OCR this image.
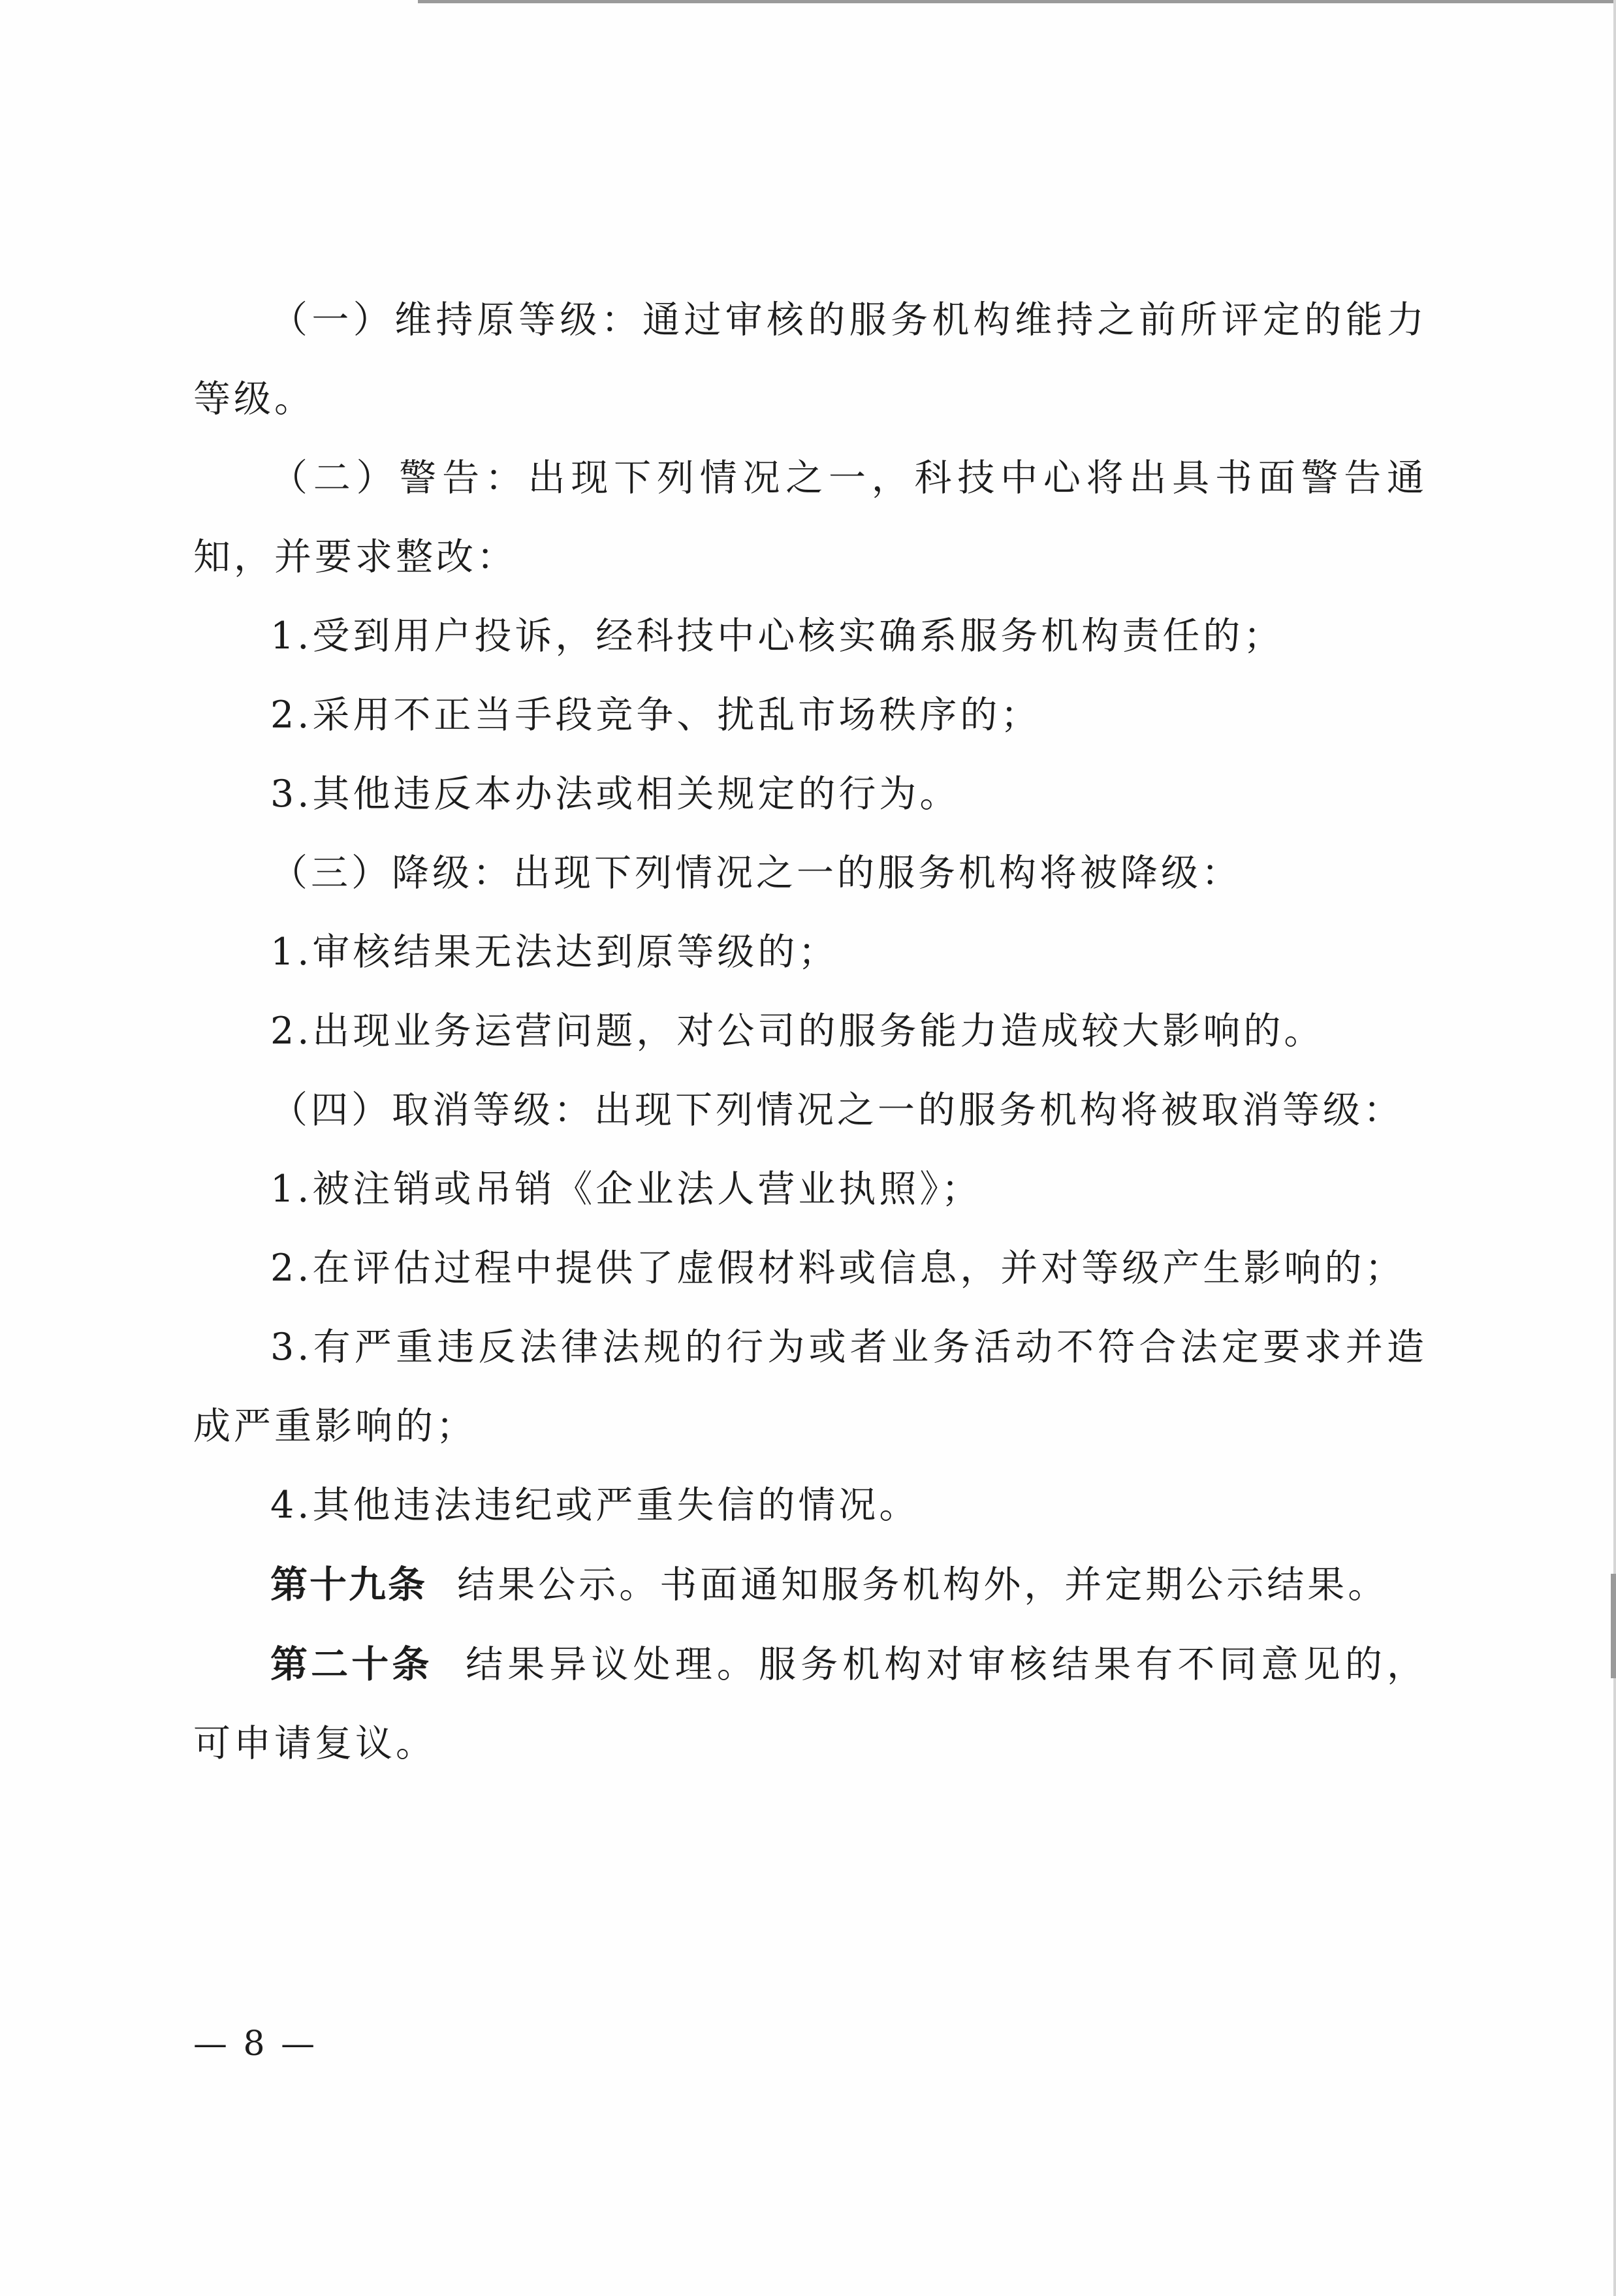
（一）维持原等级：通过审核的服务机构维持之前所评定的能力等级。

（二）警告：出现下列情况之一，科技中心将出具书面警告通知，并要求整改：

1.受到用户投诉，经科技中心核实确系服务机构责任的；

2.采用不正当手段竞争、扰乱市场秩序的；

3.其他违反本办法或相关规定的行为。

（三）降级：出现下列情况之一的服务机构将被降级：

1.审核结果无法达到原等级的；

2.出现业务运营问题，对公司的服务能力造成较大影响的。

（四）取消等级：出现下列情况之一的服务机构将被取消等级：

1.被注销或吊销《企业法人营业执照》；

2.在评估过程中提供了虚假材料或信息，并对等级产生影响的；

3.有严重违反法律法规的行为或者业务活动不符合法定要求并造成严重影响的；

4.其他违法违纪或严重失信的情况。

第十九条 结果公示。书面通知服务机构外，并定期公示结果。

第二十条 结果异议处理。服务机构对审核结果有不同意见的，可申请复议。

— 8 —
